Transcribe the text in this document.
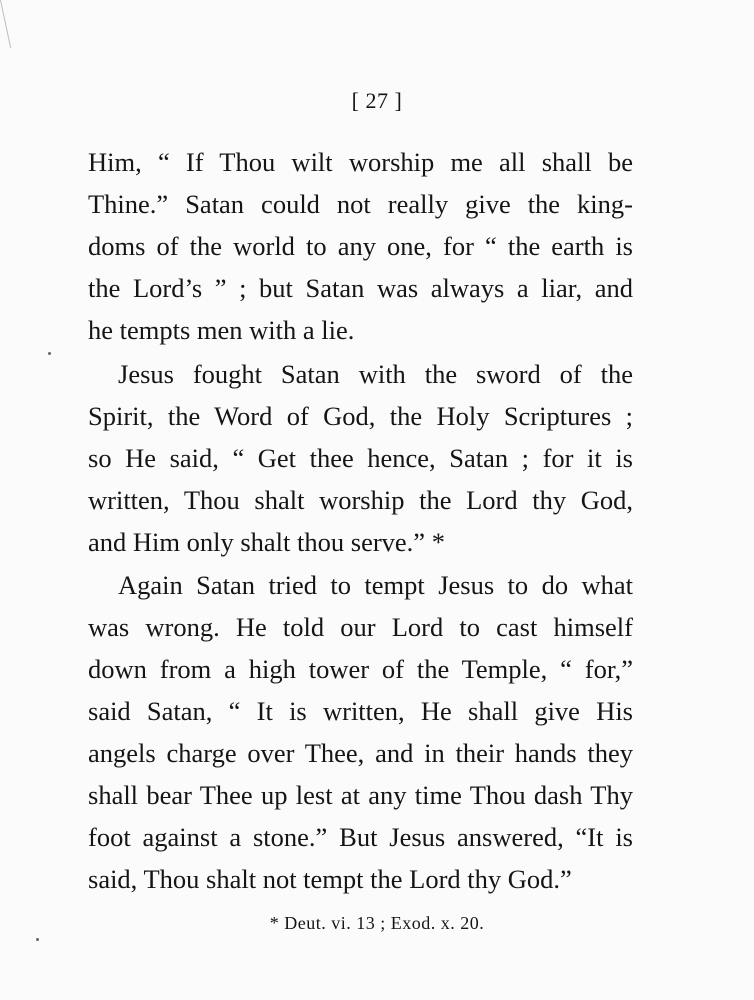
[ 27 ]
Him, “ If Thou wilt worship me all shall be
Thine.” Satan could not really give the king-
doms of the world to any one, for “ the earth is
the Lord’s ” ; but Satan was always a liar, and
he tempts men with a lie.
Jesus fought Satan with the sword of the
Spirit, the Word of God, the Holy Scriptures ;
so He said, “ Get thee hence, Satan ; for it is
written, Thou shalt worship the Lord thy God,
and Him only shalt thou serve.” *
Again Satan tried to tempt Jesus to do what
was wrong. He told our Lord to cast himself
down from a high tower of the Temple, “ for,”
said Satan, “ It is written, He shall give His
angels charge over Thee, and in their hands they
shall bear Thee up lest at any time Thou dash Thy
foot against a stone.” But Jesus answered, “It is
said, Thou shalt not tempt the Lord thy God.”
* Deut. vi. 13 ; Exod. x. 20.
